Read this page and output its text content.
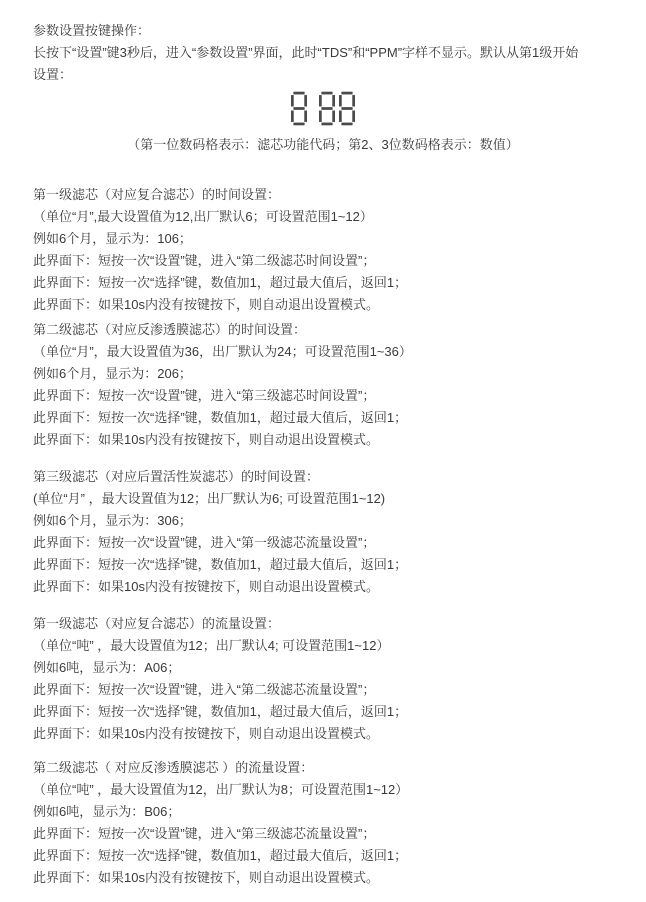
参数设置按键操作：

长按下“设置”键3秒后，进入“参数设置”界面，此时“TDS”和“PPM”字样不显示。默认从第1级开始

设置：

（第一位数码格表示：滤芯功能代码；第2、3位数码格表示：数值）

第一级滤芯（对应复合滤芯）的时间设置：

（单位“月”,最大设置值为12,出厂默认6；可设置范围1~12）

例如6个月，显示为：106；

此界面下：短按一次“设置”键，进入“第二级滤芯时间设置”；

此界面下：短按一次“选择”键，数值加1，超过最大值后，返回1；

此界面下：如果10s内没有按键按下，则自动退出设置模式。

第二级滤芯（对应反渗透膜滤芯）的时间设置：

（单位“月”，最大设置值为36，出厂默认为24；可设置范围1~36）

例如6个月，显示为：206；

此界面下：短按一次“设置”键，进入“第三级滤芯时间设置”；

此界面下：短按一次“选择”键，数值加1，超过最大值后，返回1；

此界面下：如果10s内没有按键按下，则自动退出设置模式。

第三级滤芯（对应后置活性炭滤芯）的时间设置：

(单位“月” ，最大设置值为12；出厂默认为6; 可设置范围1~12)

例如6个月，显示为：306；

此界面下：短按一次“设置”键，进入“第一级滤芯流量设置”；

此界面下：短按一次“选择”键，数值加1，超过最大值后，返回1；

此界面下：如果10s内没有按键按下，则自动退出设置模式。

第一级滤芯（对应复合滤芯）的流量设置：

（单位“吨” ，最大设置值为12；出厂默认4; 可设置范围1~12）

例如6吨，显示为：A06；

此界面下：短按一次“设置”键，进入“第二级滤芯流量设置”；

此界面下：短按一次“选择”键，数值加1，超过最大值后，返回1；

此界面下：如果10s内没有按键按下，则自动退出设置模式。

第二级滤芯（ 对应反渗透膜滤芯 ）的流量设置：

（单位“吨” ，最大设置值为12，出厂默认为8；可设置范围1~12）

例如6吨，显示为：B06；

此界面下：短按一次“设置”键，进入“第三级滤芯流量设置”；

此界面下：短按一次“选择”键，数值加1，超过最大值后，返回1；

此界面下：如果10s内没有按键按下，则自动退出设置模式。
